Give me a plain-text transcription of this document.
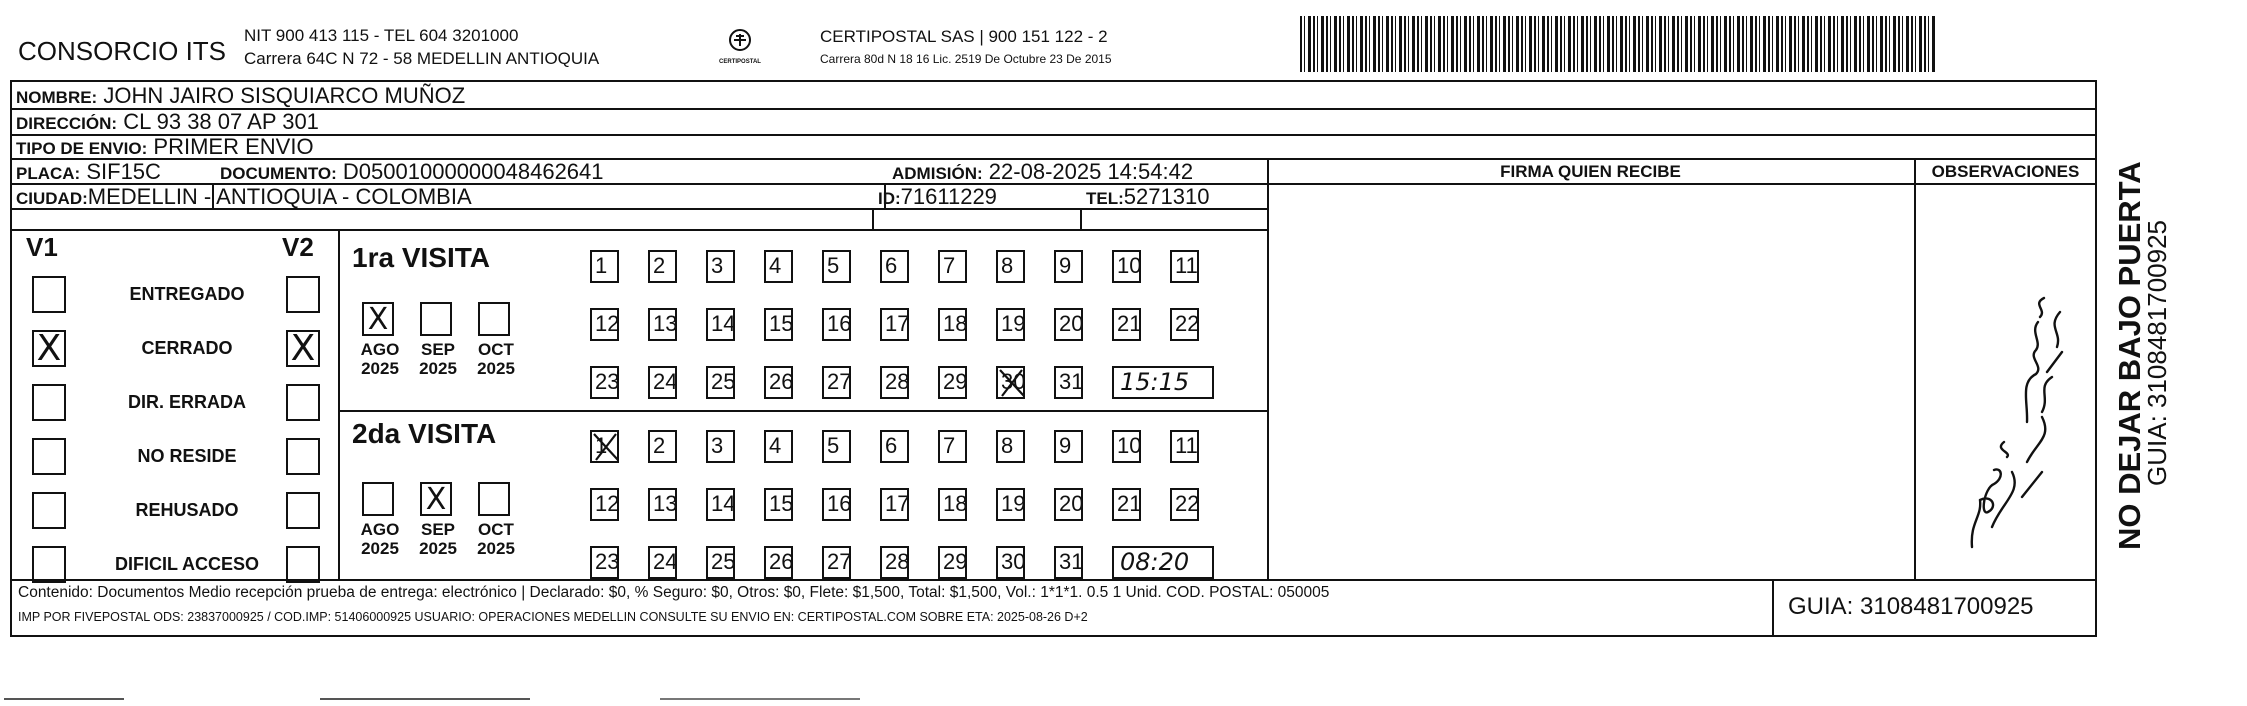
CONSORCIO ITS
NIT 900 413 115 - TEL 604 3201000
Carrera 64C N 72 - 58 MEDELLIN ANTIOQUIA	CERTIPOSTAL
CERTIPOSTAL SAS | 900 151 122 - 2
Carrera 80d N 18 16 Lic. 2519 De Octubre 23 De 2015
NOMBRE: JOHN JAIRO SISQUIARCO MUÑOZ
DIRECCIÓN: CL 93 38 07 AP 301
TIPO DE ENVIO: PRIMER ENVIO
PLACA: SIF15C	DOCUMENTO: D05001000000048462641	ADMISIÓN: 22-08-2025 14:54:42
CIUDAD:MEDELLIN - ANTIOQUIA - COLOMBIA	ID:71611229	TEL:5271310
FIRMA QUIEN RECIBE	OBSERVACIONES
V1	V2
ENTREGADO
X	CERRADO	X
DIR. ERRADA
NO RESIDE
REHUSADO
DIFICIL ACCESO
1ra VISITA
2da VISITA
X
AGO
2025
SEP
2025
OCT
2025
1	2	3	4	5	6	7	8	9	10 11
12 13 14 15 16 17 18 19 20 21 22
23 24 25 26 27 28 29 30 31	15:15
AGO
2025
X
SEP
2025
OCT
2025
1	2	3	4	5	6	7	8	9	10 11
12 13 14 15 16 17 18 19 20 21 22
23 24 25 26 27 28 29 30 31	08:20
Contenido: Documentos Medio recepción prueba de entrega: electrónico | Declarado: $0, % Seguro: $0, Otros: $0, Flete: $1,500, Total: $1,500, Vol.: 1*1*1. 0.5 1 Unid. COD. POSTAL: 050005
IMP POR FIVEPOSTAL ODS: 23837000925 / COD.IMP: 51406000925 USUARIO: OPERACIONES MEDELLIN CONSULTE SU ENVIO EN: CERTIPOSTAL.COM SOBRE ETA: 2025-08-26 D+2	GUIA: 3108481700925
NO DEJAR BAJO PUERTA
GUIA: 3108481700925
